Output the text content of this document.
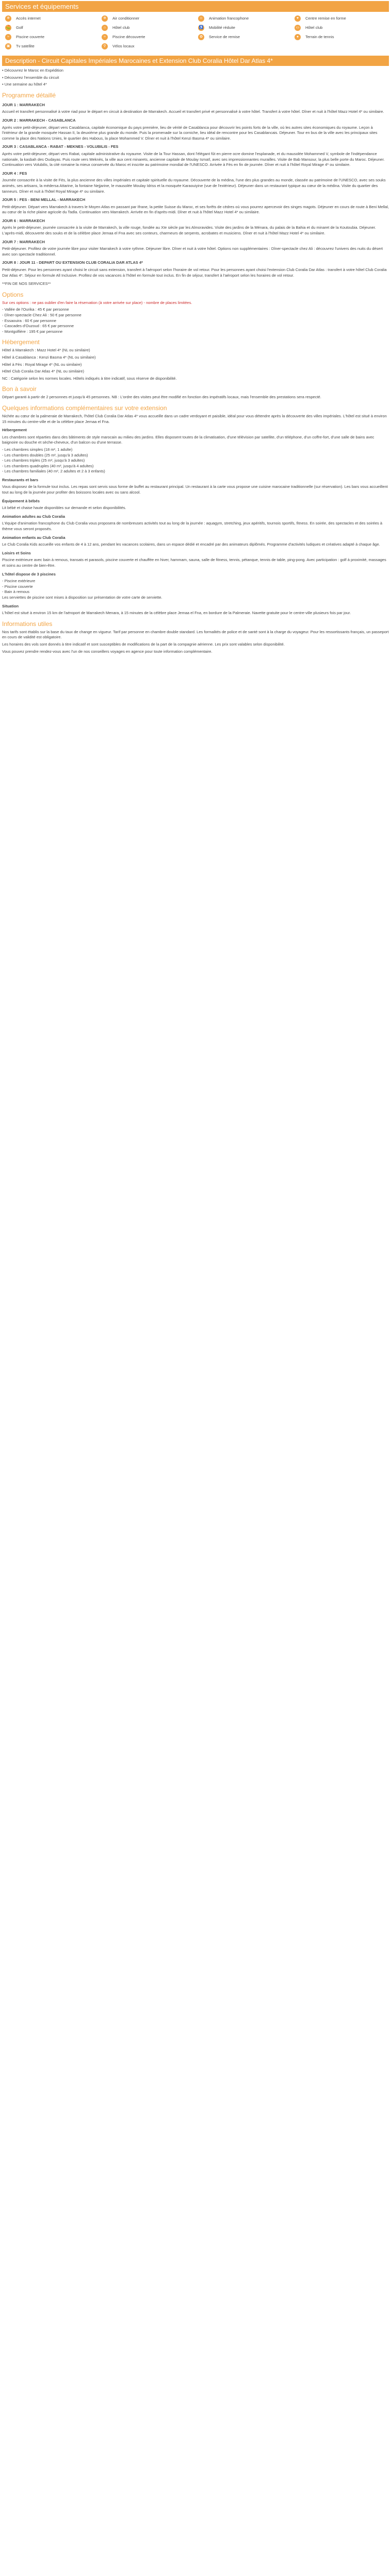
Services et équipements
❄	Accès internet	❄	Air conditionner	☺	Animation francophone	♥	Centre remise en forme
⛳ Golf	⌂	Hôtel club	♿ Mobilité réduite	▭	Hôtel club
≈	Piscine couverte	≈	Piscine découverte	✿	Service de remise	●	Terrain de tennis
▣	Tv satellite	⚲	Vélos locaux
Description - Circuit Capitales Impériales Marocaines et Extension Club Coralia Hôtel Dar Atlas 4*

• Découvrez le Maroc en Expédition

• Découvrez l'ensemble du circuit

• Une semaine au hôtel 4*

Programme détaillé

JOUR 1 : MARRAKECH

Accueil et transfert personnalisé à votre riad pour le départ en circuit à destination de Marrakech. Accueil et transfert privé et personnalisé à votre hôtel. Transfert à votre hôtel. Dîner et nuit à l'hôtel Mazz Hotel 4* ou similaire.

JOUR 2 : MARRAKECH - CASABLANCA

Après votre petit-déjeuner, départ vers Casablanca, capitale économique du pays première, lieu de vérité de Casablanca pour découvrir les points forts de la ville, où les autres sites économiques du royaume. Leçon à l'intérieur de la grande mosquée Hassan II, la deuxième plus grande du monde. Puis la promenade sur la corniche, lieu idéal de rencontre pour les Casablancais. Déjeuner. Tour en bus de la ville avec les principaux sites comme la place des Nations Unies, le quartier des Habous, la place Mohammed V. Dîner et nuit à l'hôtel Kenzi Basma 4* ou similaire.

JOUR 3 : CASABLANCA - RABAT - MEKNES - VOLUBILIS - FES

Après votre petit-déjeuner, départ vers Rabat, capitale administrative du royaume. Visite de la Tour Hassan, dont l'élégant fût en pierre ocre domine l'esplanade, et du mausolée Mohammed V, symbole de l'indépendance nationale, la kasbah des Oudayas. Puis route vers Meknès, la ville aux cent minarets, ancienne capitale de Moulay Ismaïl, avec ses impressionnantes murailles. Visite de Bab Mansour, la plus belle porte du Maroc. Déjeuner. Continuation vers Volubilis, la cité romaine la mieux conservée du Maroc et inscrite au patrimoine mondial de l'UNESCO. Arrivée à Fès en fin de journée. Dîner et nuit à l'hôtel Royal Mirage 4* ou similaire.

JOUR 4 : FES

Journée consacrée à la visite de Fès, la plus ancienne des villes impériales et capitale spirituelle du royaume. Découverte de la médina, l'une des plus grandes au monde, classée au patrimoine de l'UNESCO, avec ses souks animés, ses artisans, la médersa Attarine, la fontaine Nejjarine, le mausolée Moulay Idriss et la mosquée Karaouiyine (vue de l'extérieur). Déjeuner dans un restaurant typique au cœur de la médina. Visite du quartier des tanneurs. Dîner et nuit à l'hôtel Royal Mirage 4* ou similaire.

JOUR 5 : FES - BENI MELLAL - MARRAKECH

Petit-déjeuner. Départ vers Marrakech à travers le Moyen Atlas en passant par Ifrane, la petite Suisse du Maroc, et ses forêts de cèdres où vous pourrez apercevoir des singes magots. Déjeuner en cours de route à Beni Mellal, au cœur de la riche plaine agricole du Tadla. Continuation vers Marrakech. Arrivée en fin d'après-midi. Dîner et nuit à l'hôtel Mazz Hotel 4* ou similaire.

JOUR 6 : MARRAKECH

Après le petit-déjeuner, journée consacrée à la visite de Marrakech, la ville rouge, fondée au XIe siècle par les Almoravides. Visite des jardins de la Ménara, du palais de la Bahia et du minaret de la Koutoubia. Déjeuner. L'après-midi, découverte des souks et de la célèbre place Jemaa el Fna avec ses conteurs, charmeurs de serpents, acrobates et musiciens. Dîner et nuit à l'hôtel Mazz Hotel 4* ou similaire.

JOUR 7 : MARRAKECH

Petit-déjeuner. Profitez de votre journée libre pour visiter Marrakech à votre rythme. Déjeuner libre. Dîner et nuit à votre hôtel. Options non supplémentaires : Dîner-spectacle chez Ali : découvrez l'univers des nuits du désert avec son spectacle traditionnel.

JOUR 8 : JOUR 11 - DEPART OU EXTENSION CLUB CORALIA DAR ATLAS 4*

Petit-déjeuner. Pour les personnes ayant choisi le circuit sans extension, transfert à l'aéroport selon l'horaire de vol retour. Pour les personnes ayant choisi l'extension Club Coralia Dar Atlas : transfert à votre hôtel Club Coralia Dar Atlas 4*. Séjour en formule All Inclusive. Profitez de vos vacances à l'hôtel en formule tout inclus. En fin de séjour, transfert à l'aéroport selon les horaires de vol retour.

**FIN DE NOS SERVICES**

Options

Sur ces options : ne pas oublier d'en faire la réservation (à votre arrivée sur place) - nombre de places limitées.

- Vallée de l'Ourika : 45 € par personne
- Dîner-spectacle Chez Ali : 50 € par personne
- Essaouira : 60 € par personne
- Cascades d'Ouzoud : 65 € par personne
- Montgolfière : 195 € par personne
Hébergement

Hôtel à Marrakech : Mazz Hotel 4* (NL ou similaire)

Hôtel à Casablanca : Kenzi Basma 4* (NL ou similaire)

Hôtel à Fès : Royal Mirage 4* (NL ou similaire)

Hôtel Club Coralia Dar Atlas 4* (NL ou similaire)

NC : Catégorie selon les normes locales. Hôtels indiqués à titre indicatif, sous réserve de disponibilité.

Bon à savoir

Départ garanti à partir de 2 personnes et jusqu'à 45 personnes. NB : L'ordre des visites peut être modifié en fonction des impératifs locaux, mais l'ensemble des prestations sera respecté.

Quelques informations complémentaires sur votre extension

Nichée au cœur de la palmeraie de Marrakech, l'hôtel Club Coralia Dar Atlas 4* vous accueille dans un cadre verdoyant et paisible, idéal pour vous détendre après la découverte des villes impériales. L'hôtel est situé à environ 15 minutes du centre-ville et de la célèbre place Jemaa el Fna.

Hébergement

Les chambres sont réparties dans des bâtiments de style marocain au milieu des jardins. Elles disposent toutes de la climatisation, d'une télévision par satellite, d'un téléphone, d'un coffre-fort, d'une salle de bains avec baignoire ou douche et sèche-cheveux, d'un balcon ou d'une terrasse.

- Les chambres simples (18 m², 1 adulte)
- Les chambres doubles (25 m², jusqu'à 3 adultes)
- Les chambres triples (25 m², jusqu'à 3 adultes)
- Les chambres quadruples (40 m², jusqu'à 4 adultes)
- Les chambres familiales (40 m², 2 adultes et 2 à 3 enfants)

Restaurants et bars

Vous disposez de la formule tout inclus. Les repas sont servis sous forme de buffet au restaurant principal. Un restaurant à la carte vous propose une cuisine marocaine traditionnelle (sur réservation). Les bars vous accueillent tout au long de la journée pour profiter des boissons locales avec ou sans alcool.

Équipement à bébés

Lit bébé et chaise haute disponibles sur demande et selon disponibilités.

Animation adultes au Club Coralia

L'équipe d'animation francophone du Club Coralia vous proposera de nombreuses activités tout au long de la journée : aquagym, stretching, jeux apéritifs, tournois sportifs, fitness. En soirée, des spectacles et des soirées à thème vous seront proposés.

Animation enfants au Club Coralia

Le Club Coralia Kids accueille vos enfants de 4 à 12 ans, pendant les vacances scolaires, dans un espace dédié et encadré par des animateurs diplômés. Programme d'activités ludiques et créatives adapté à chaque âge.

Loisirs et Soins

Piscine extérieure avec bain à remous, transats et parasols, piscine couverte et chauffée en hiver, hammam, sauna, salle de fitness, tennis, pétanque, tennis de table, ping-pong. Avec participation : golf à proximité, massages et soins au centre de bien-être.

L'hôtel dispose de 3 piscines

- Piscine extérieure
- Piscine couverte
- Bain à remous

Les serviettes de piscine sont mises à disposition sur présentation de votre carte de serviette.

Situation

L'hôtel est situé à environ 15 km de l'aéroport de Marrakech Menara, à 15 minutes de la célèbre place Jemaa el Fna, en bordure de la Palmeraie. Navette gratuite pour le centre-ville plusieurs fois par jour.

Informations utiles

Nos tarifs sont établis sur la base du taux de change en vigueur. Tarif par personne en chambre double standard. Les formalités de police et de santé sont à la charge du voyageur. Pour les ressortissants français, un passeport en cours de validité est obligatoire.

Les horaires des vols sont donnés à titre indicatif et sont susceptibles de modifications de la part de la compagnie aérienne. Les prix sont valables selon disponibilité.

Vous pouvez prendre rendez-vous avec l'un de nos conseillers voyages en agence pour toute information complémentaire.
